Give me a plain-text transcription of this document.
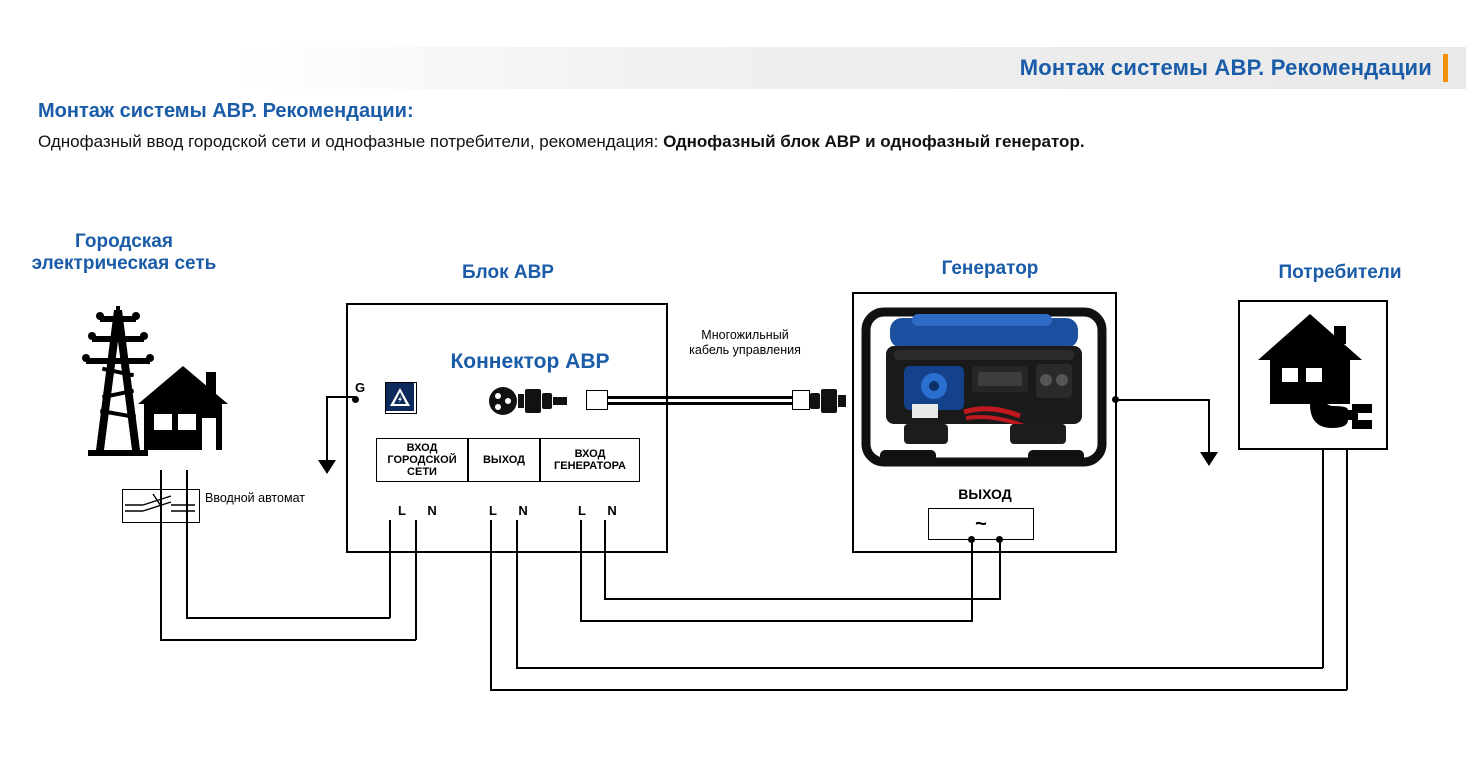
Монтаж системы АВР. Рекомендации
Монтаж системы АВР. Рекомендации:
Однофазный ввод городской сети и однофазные потребители, рекомендация: Однофазный блок АВР и однофазный генератор.
Городская электрическая сеть	Блок АВР	Генератор	Потребители
Вводной автомат
Коннектор АВР
G
Многожильный кабель управления
ВХОД ГОРОДСКОЙ СЕТИ
ВЫХОД
ВХОД ГЕНЕРАТОРА
L N	L N	L N
ВЫХОД
~
